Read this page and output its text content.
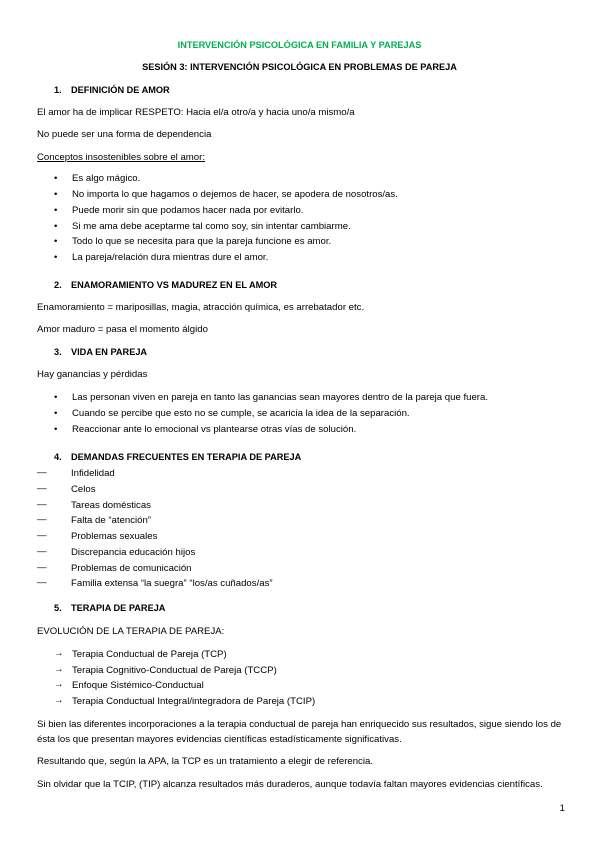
INTERVENCIÓN PSICOLÓGICA EN FAMILIA Y PAREJAS
SESIÓN 3: INTERVENCIÓN PSICOLÓGICA EN PROBLEMAS DE PAREJA
1. DEFINICIÓN DE AMOR
El amor ha de implicar RESPETO: Hacia el/a otro/a y hacia uno/a mismo/a
No puede ser una forma de dependencia
Conceptos insostenibles sobre el amor:
• Es algo mágico.
• No importa lo que hagamos o dejemos de hacer, se apodera de nosotros/as.
• Puede morir sin que podamos hacer nada por evitarlo.
• Si me ama debe aceptarme tal como soy, sin intentar cambiarme.
• Todo lo que se necesita para que la pareja funcione es amor.
• La pareja/relación dura mientras dure el amor.
2. ENAMORAMIENTO VS MADUREZ EN EL AMOR
Enamoramiento = mariposillas, magia, atracción química, es arrebatador etc.
Amor maduro = pasa el momento álgido
3. VIDA EN PAREJA
Hay ganancias y pérdidas
• Las personan viven en pareja en tanto las ganancias sean mayores dentro de la pareja que fuera.
• Cuando se percibe que esto no se cumple, se acaricia la idea de la separación.
• Reaccionar ante lo emocional vs plantearse otras vías de solución.
4. DEMANDAS FRECUENTES EN TERAPIA DE PAREJA
—	Infidelidad
—	Celos
—	Tareas domésticas
—	Falta de “atención”
—	Problemas sexuales
—	Discrepancia educación hijos
—	Problemas de comunicación
—	Familia extensa “la suegra” “los/as cuñados/as”
5. TERAPIA DE PAREJA
EVOLUCIÓN DE LA TERAPIA DE PAREJA:
→ Terapia Conductual de Pareja (TCP)
→ Terapia Cognitivo-Conductual de Pareja (TCCP)
→ Enfoque Sistémico-Conductual
→ Terapia Conductual Integral/integradora de Pareja (TCIP)
Si bien las diferentes incorporaciones a la terapia conductual de pareja han enriquecido sus resultados, sigue siendo los de ésta los que presentan mayores evidencias científicas estadísticamente significativas.
Resultando que, según la APA, la TCP es un tratamiento a elegir de referencia.
Sin olvidar que la TCIP, (TIP) alcanza resultados más duraderos, aunque todavía faltan mayores evidencias científicas.
1
